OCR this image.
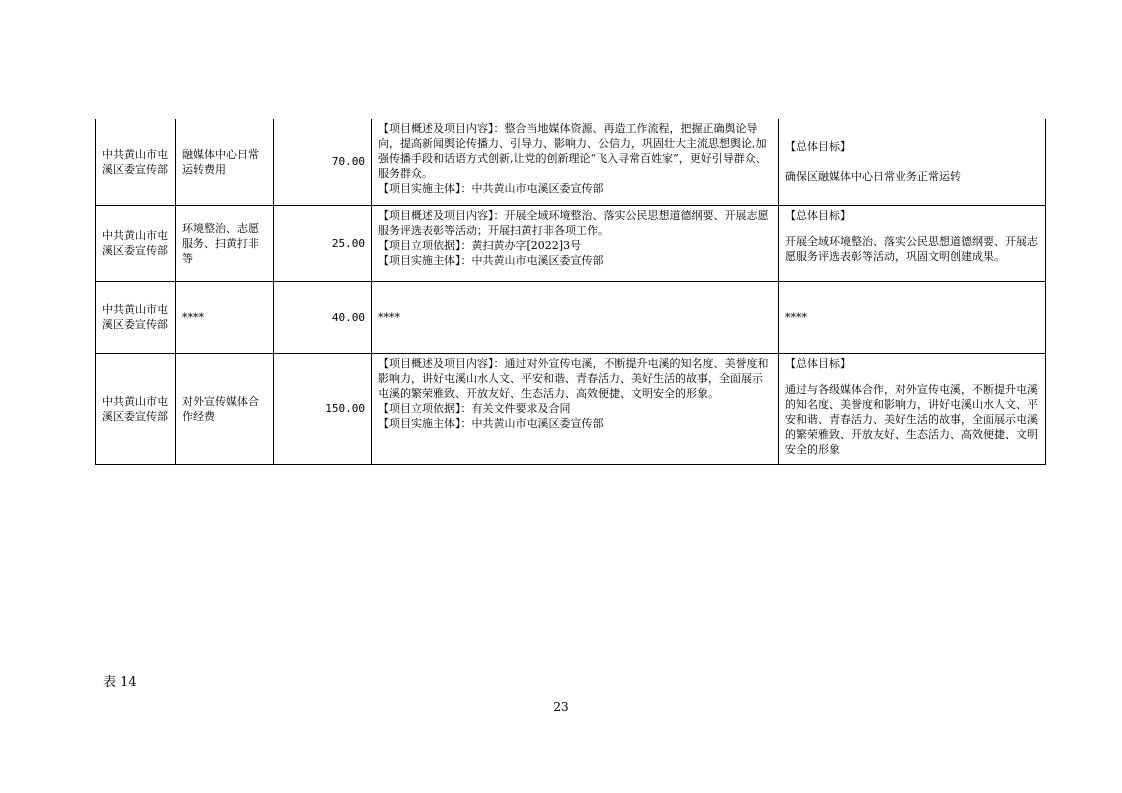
中共黄山市屯溪区委宣传部	融媒体中心日常运转费用	70.00	【项目概述及项目内容】：整合当地媒体资源、再造工作流程，把握正确舆论导向，提高新闻舆论传播力、引导力、影响力、公信力，巩固壮大主流思想舆论,加强传播手段和话语方式创新,让党的创新理论“飞入寻常百姓家”，更好引导群众、服务群众。
【项目实施主体】：中共黄山市屯溪区委宣传部	【总体目标】
确保区融媒体中心日常业务正常运转

中共黄山市屯溪区委宣传部	环境整治、志愿服务、扫黄打非等	25.00	【项目概述及项目内容】：开展全域环境整治、落实公民思想道德纲要、开展志愿服务评选表彰等活动；开展扫黄打非各项工作。
【项目立项依据】：黄扫黄办字[2022]3号
【项目实施主体】：中共黄山市屯溪区委宣传部	【总体目标】
开展全域环境整治、落实公民思想道德纲要、开展志愿服务评选表彰等活动，巩固文明创建成果。

中共黄山市屯溪区委宣传部	****	40.00	****	****

中共黄山市屯溪区委宣传部	对外宣传媒体合作经费	150.00	【项目概述及项目内容】：通过对外宣传屯溪，不断提升屯溪的知名度、美誉度和影响力，讲好屯溪山水人文、平安和谐、青春活力、美好生活的故事，全面展示屯溪的繁荣雅致、开放友好、生态活力、高效便捷、文明安全的形象。
【项目立项依据】：有关文件要求及合同
【项目实施主体】：中共黄山市屯溪区委宣传部	【总体目标】
通过与各级媒体合作，对外宣传屯溪，不断提升屯溪的知名度、美誉度和影响力，讲好屯溪山水人文、平安和谐、青春活力、美好生活的故事，全面展示屯溪的繁荣雅致、开放友好、生态活力、高效便捷、文明安全的形象
表 14
23
